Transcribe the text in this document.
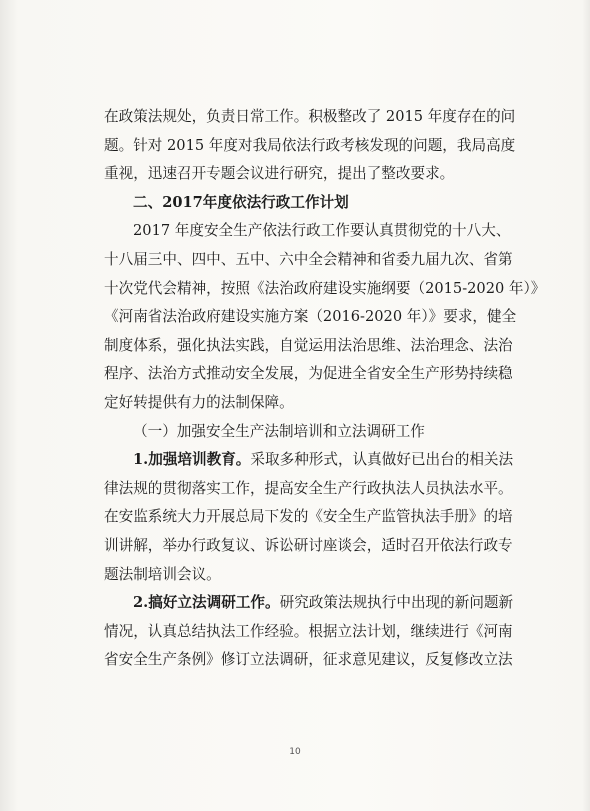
在政策法规处，负责日常工作。积极整改了 2015 年度存在的问
题。针对 2015 年度对我局依法行政考核发现的问题，我局高度
重视，迅速召开专题会议进行研究，提出了整改要求。
二、2017年度依法行政工作计划
2017 年度安全生产依法行政工作要认真贯彻党的十八大、
十八届三中、四中、五中、六中全会精神和省委九届九次、省第
十次党代会精神，按照《法治政府建设实施纲要（2015-2020 年）》
《河南省法治政府建设实施方案（2016-2020 年）》要求，健全
制度体系，强化执法实践，自觉运用法治思维、法治理念、法治
程序、法治方式推动安全发展，为促进全省安全生产形势持续稳
定好转提供有力的法制保障。
（一）加强安全生产法制培训和立法调研工作
1.加强培训教育。采取多种形式，认真做好已出台的相关法
律法规的贯彻落实工作，提高安全生产行政执法人员执法水平。
在安监系统大力开展总局下发的《安全生产监管执法手册》的培
训讲解，举办行政复议、诉讼研讨座谈会，适时召开依法行政专
题法制培训会议。
2.搞好立法调研工作。研究政策法规执行中出现的新问题新
情况，认真总结执法工作经验。根据立法计划，继续进行《河南
省安全生产条例》修订立法调研，征求意见建议，反复修改立法
10
